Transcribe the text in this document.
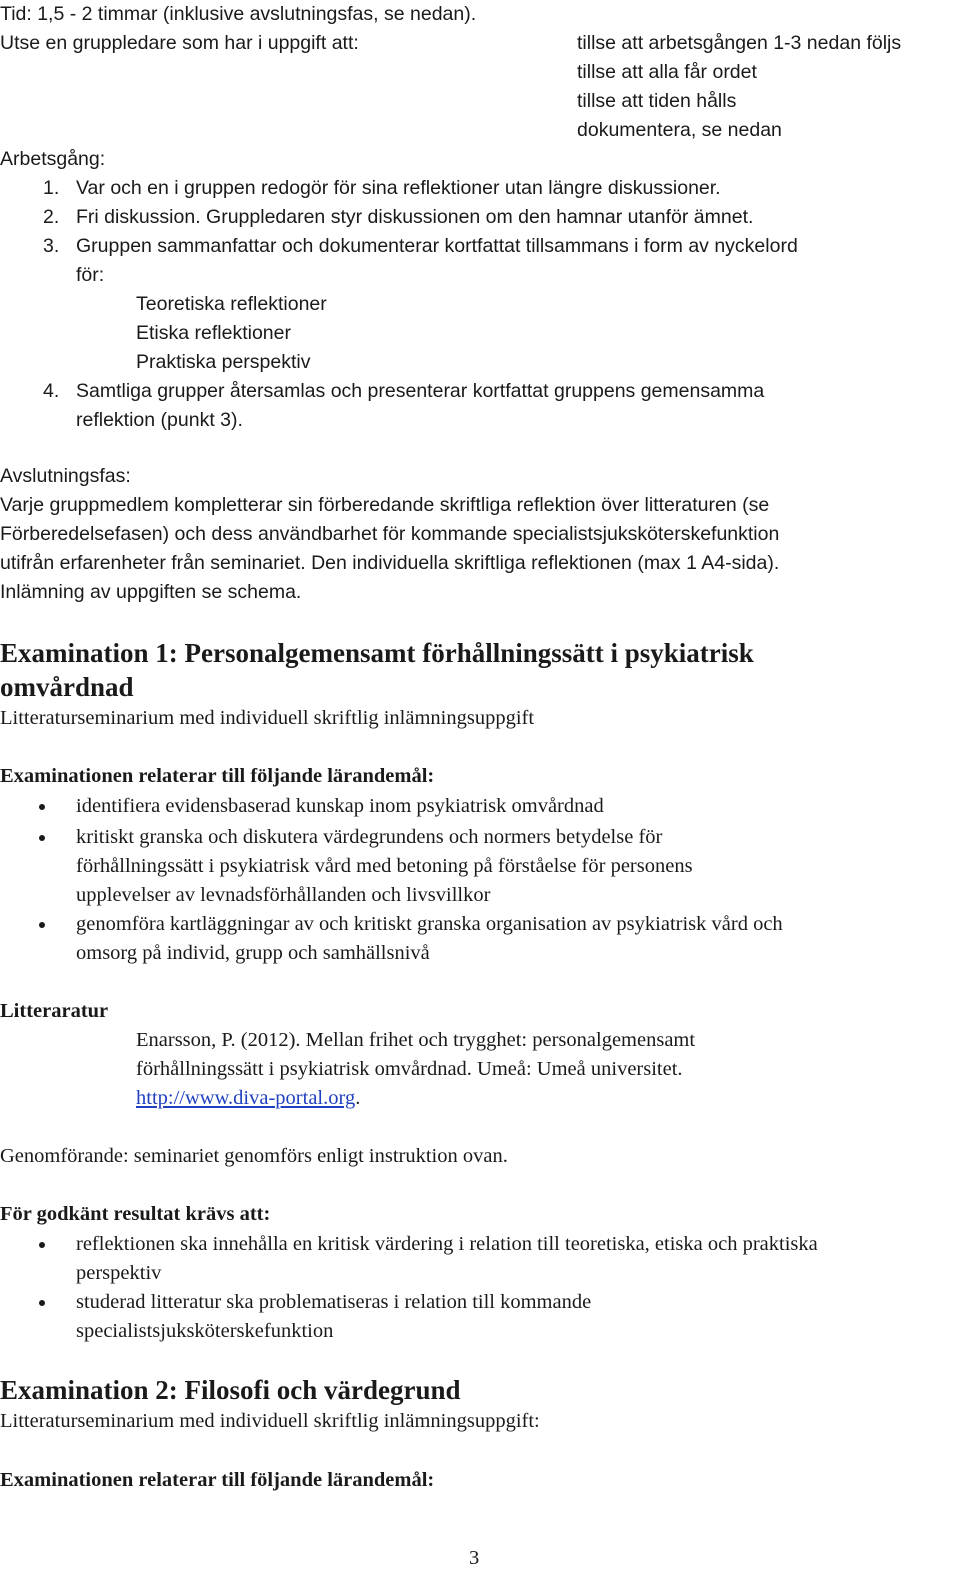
Tid: 1,5 - 2 timmar (inklusive avslutningsfas, se nedan).
Utse en gruppledare som har i uppgift att:	tillse att arbetsgången 1-3 nedan följs
tillse att alla får ordet
tillse att tiden hålls
dokumentera, se nedan
Arbetsgång:
1. Var och en i gruppen redogör för sina reflektioner utan längre diskussioner.
2. Fri diskussion. Gruppledaren styr diskussionen om den hamnar utanför ämnet.
3. Gruppen sammanfattar och dokumenterar kortfattat tillsammans i form av nyckelord
för:
Teoretiska reflektioner
Etiska reflektioner
Praktiska perspektiv
4. Samtliga grupper återsamlas och presenterar kortfattat gruppens gemensamma
reflektion (punkt 3).
Avslutningsfas:
Varje gruppmedlem kompletterar sin förberedande skriftliga reflektion över litteraturen (se
Förberedelsefasen) och dess användbarhet för kommande specialistsjuksköterskefunktion
utifrån erfarenheter från seminariet. Den individuella skriftliga reflektionen (max 1 A4-sida).
Inlämning av uppgiften se schema.
Examination 1: Personalgemensamt förhållningssätt i psykiatrisk
omvårdnad
Litteraturseminarium med individuell skriftlig inlämningsuppgift
Examinationen relaterar till följande lärandemål:
identifiera evidensbaserad kunskap inom psykiatrisk omvårdnad
kritiskt granska och diskutera värdegrundens och normers betydelse för
förhållningssätt i psykiatrisk vård med betoning på förståelse för personens
upplevelser av levnadsförhållanden och livsvillkor
genomföra kartläggningar av och kritiskt granska organisation av psykiatrisk vård och
omsorg på individ, grupp och samhällsnivå
Litteraratur
Enarsson, P. (2012). Mellan frihet och trygghet: personalgemensamt
förhållningssätt i psykiatrisk omvårdnad. Umeå: Umeå universitet.
http://www.diva-portal.org.
Genomförande: seminariet genomförs enligt instruktion ovan.
För godkänt resultat krävs att:
reflektionen ska innehålla en kritisk värdering i relation till teoretiska, etiska och praktiska
perspektiv
studerad litteratur ska problematiseras i relation till kommande
specialistsjuksköterskefunktion
Examination 2: Filosofi och värdegrund
Litteraturseminarium med individuell skriftlig inlämningsuppgift:
Examinationen relaterar till följande lärandemål:
3
